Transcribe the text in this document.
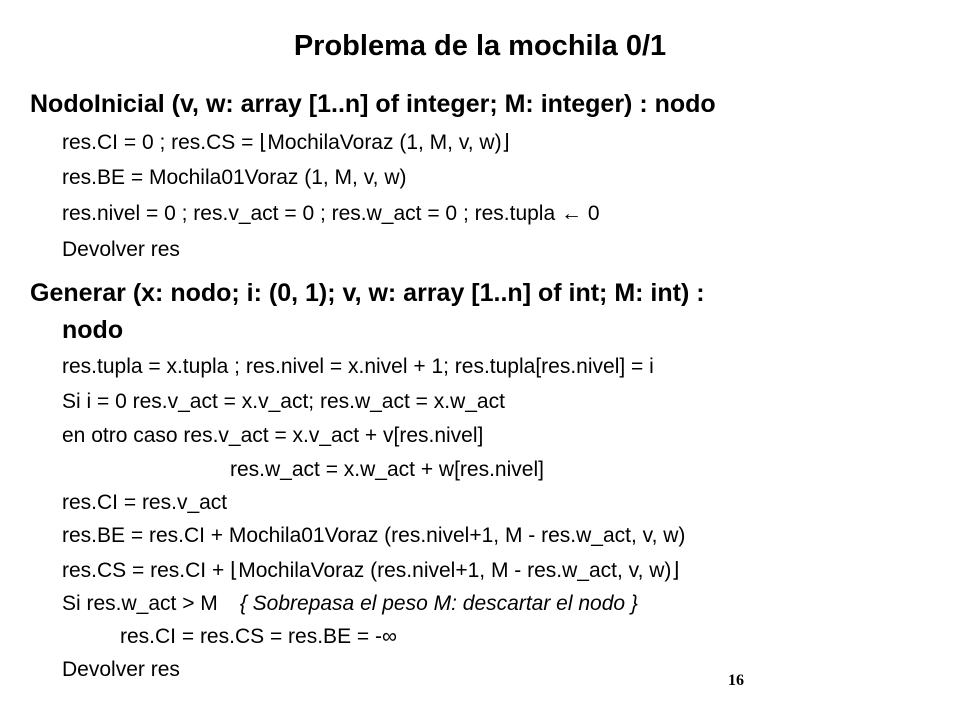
Problema de la mochila 0/1
NodoInicial (v, w: array [1..n] of integer; M: integer) : nodo
res.CI = 0 ; res.CS = ⌊MochilaVoraz (1, M, v, w)⌋
res.BE = Mochila01Voraz (1, M, v, w)
res.nivel = 0 ; res.v_act = 0 ; res.w_act = 0 ; res.tupla ← 0
Devolver res
Generar (x: nodo; i: (0, 1); v, w: array [1..n] of int; M: int) :
nodo
res.tupla = x.tupla ; res.nivel = x.nivel + 1; res.tupla[res.nivel] = i
Si i = 0 res.v_act = x.v_act; res.w_act = x.w_act
en otro caso res.v_act = x.v_act + v[res.nivel]
res.w_act = x.w_act + w[res.nivel]
res.CI = res.v_act
res.BE = res.CI + Mochila01Voraz (res.nivel+1, M - res.w_act, v, w)
res.CS = res.CI + ⌊MochilaVoraz (res.nivel+1, M - res.w_act, v, w)⌋
Si res.w_act > M { Sobrepasa el peso M: descartar el nodo }
res.CI = res.CS = res.BE = -∞
Devolver res	16
